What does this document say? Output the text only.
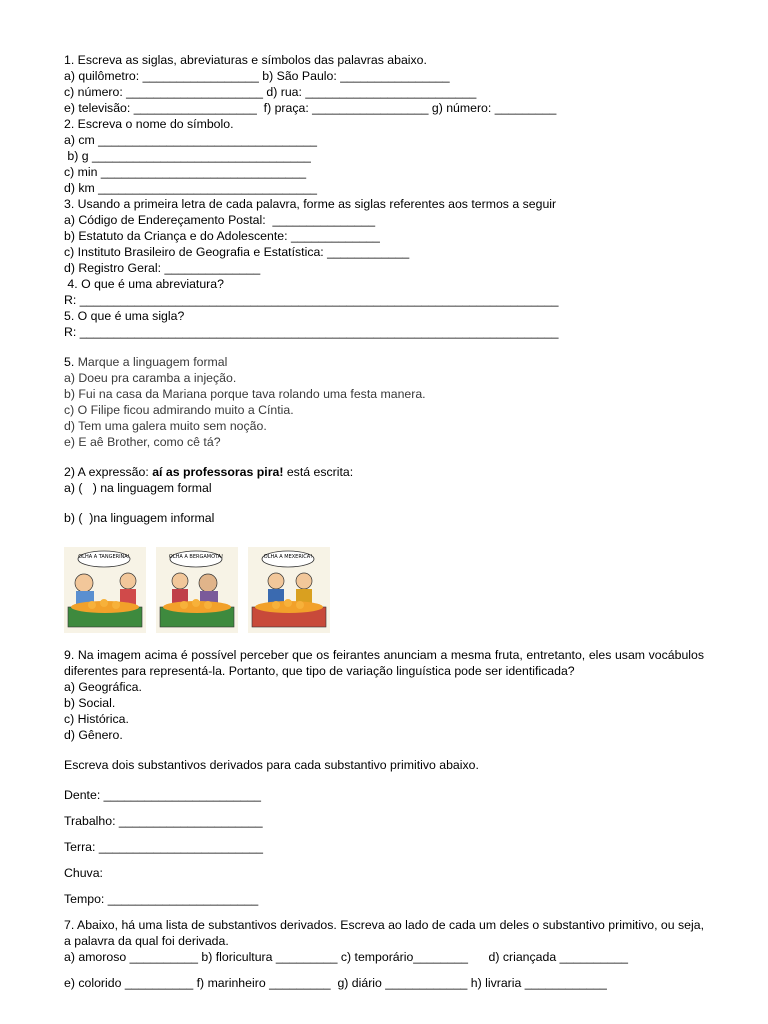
1. Escreva as siglas, abreviaturas e símbolos das palavras abaixo.
a) quilômetro: _________________ b) São Paulo: ________________
c) número: ____________________ d) rua: _________________________
e) televisão: __________________  f) praça: _________________ g) número: _________
2. Escreva o nome do símbolo.
a) cm ________________________________
b) g ________________________________
c) min ______________________________
d) km ________________________________
3. Usando a primeira letra de cada palavra, forme as siglas referentes aos termos a seguir
a) Código de Endereçamento Postal:  _______________
b) Estatuto da Criança e do Adolescente: _____________
c) Instituto Brasileiro de Geografia e Estatística: ____________
d) Registro Geral: ______________
4. O que é uma abreviatura?
R: ______________________________________________________________________
5. O que é uma sigla?
R: ______________________________________________________________________
5. Marque a linguagem formal
a) Doeu pra caramba a injeção.
b) Fui na casa da Mariana porque tava rolando uma festa manera.
c) O Filipe ficou admirando muito a Cíntia.
d) Tem uma galera muito sem noção.
e) E aê Brother, como cê tá?
2) A expressão: aí as professoras pira! está escrita:
a) (   ) na linguagem formal
b) (  )na linguagem informal
OLHA A TANGERINA!	OLHA A BERGAMOTA!	OLHA A MEXERICA!
9. Na imagem acima é possível perceber que os feirantes anunciam a mesma fruta, entretanto, eles usam vocábulos diferentes para representá-la. Portanto, que tipo de variação linguística pode ser identificada?
a) Geográfica.
b) Social.
c) Histórica.
d) Gênero.
Escreva dois substantivos derivados para cada substantivo primitivo abaixo.
Dente: _______________________
Trabalho: _____________________
Terra: ________________________
Chuva:
Tempo: ______________________
7. Abaixo, há uma lista de substantivos derivados. Escreva ao lado de cada um deles o substantivo primitivo, ou seja, a palavra da qual foi derivada.
a) amoroso __________ b) floricultura _________ c) temporário________      d) criançada __________
e) colorido __________ f) marinheiro _________  g) diário ____________ h) livraria ____________
